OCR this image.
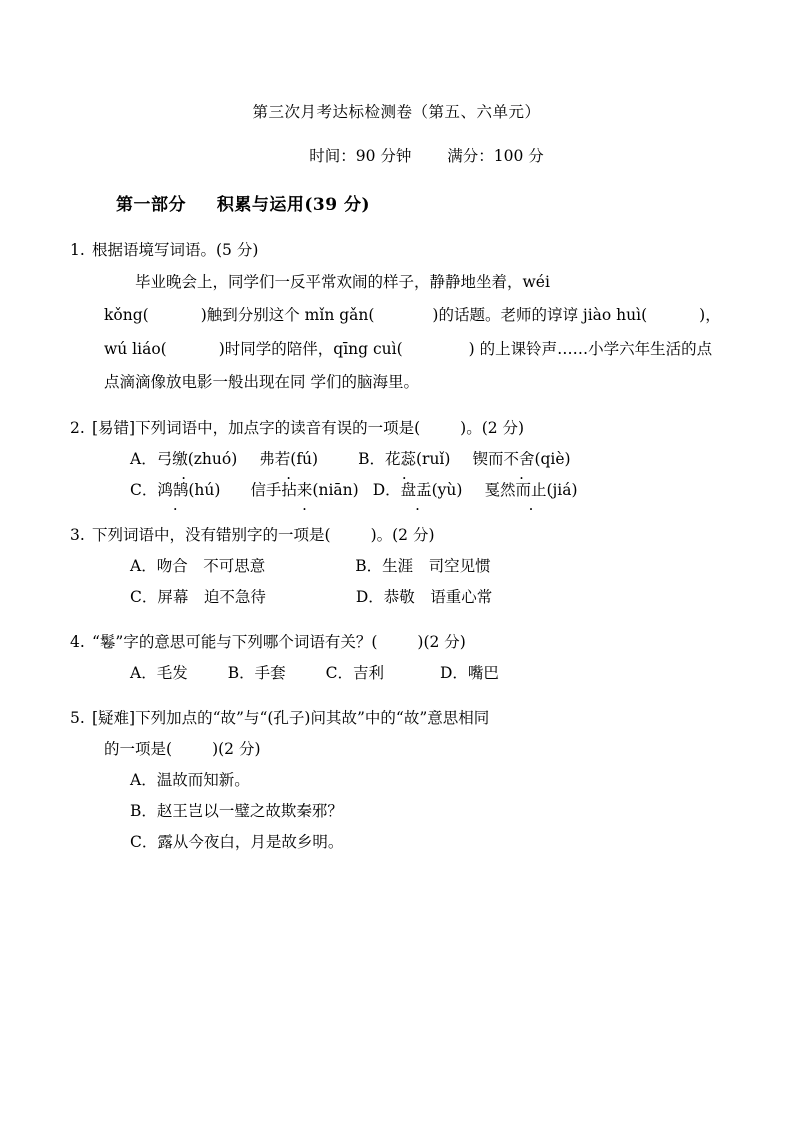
第三次月考达标检测卷（第五、六单元）
时间：90 分钟 满分：100 分
第一部分 积累与运用(39 分)
1. 根据语境写词语。(5 分)
毕业晚会上，同学们一反平常欢闹的样子，静静地坐着，wéi
kǒng(	)触到分别这个 mǐn gǎn(	)的话题。老师的谆谆 jiào huì(	)，wú liáo(	)时同学的陪伴，qīng cuì(	) 的上课铃声……小学六年生活的点点滴滴像放电影一般出现在同 学们的脑海里。
2. [易错]下列词语中，加点字的读音有误的一项是(	)。(2 分)
A．弓缴(zhuó) · 弗若(fú) ·	B．花蕊(ruǐ) · 锲而不舍(qiè) ·
C．鸿鹄(hú) · 信手拈来(niān) · D．盘盂(yù) · 戛然而止(jiá) ·
3. 下列词语中，没有错别字的一项是(	)。(2 分)
A．吻合　不可思意	B．生涯　司空见惯
C．屏幕　迫不急待	D．恭敬　语重心常
4. “鬈”字的意思可能与下列哪个词语有关？(	)(2 分)
A．毛发	B．手套	C．吉利	D．嘴巴
5. [疑难]下列加点的“故”与“(孔子)问其故”中的“故”意思相同
的一项是(	)(2 分)
A．温故而知新。
B．赵王岂以一璧之故欺秦邪？
C．露从今夜白，月是故乡明。
